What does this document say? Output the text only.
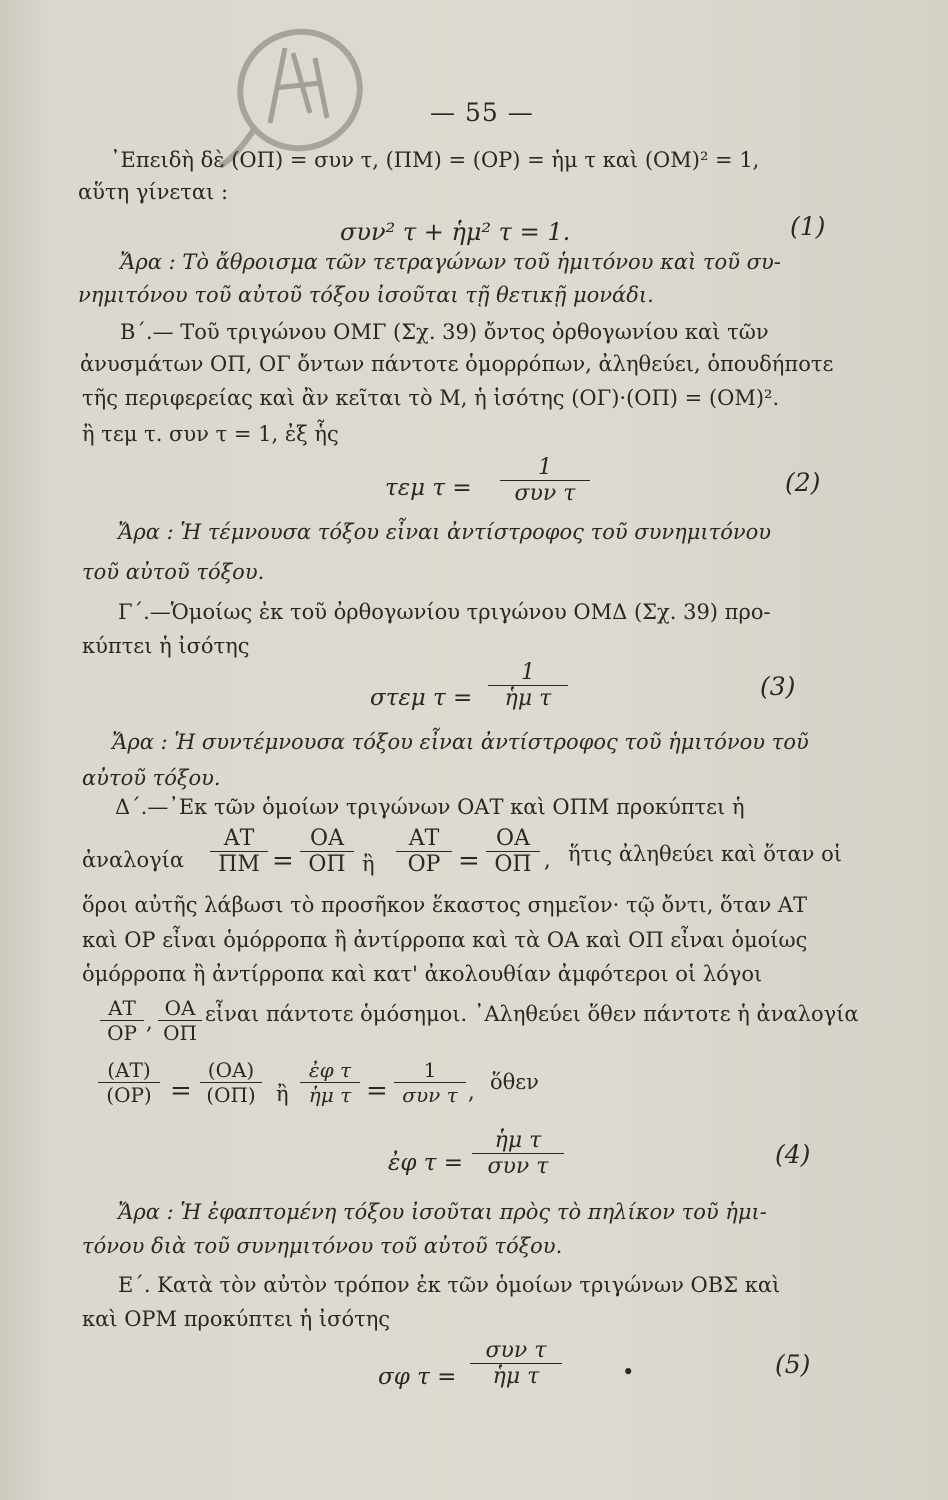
— 55 —
᾿Επειδὴ δὲ (ΟΠ) = συν τ, (ΠΜ) = (ΟΡ) = ἡμ τ καὶ (ΟΜ)² = 1,
αὕτη γίνεται :
συν² τ + ἡμ² τ = 1.	(1)
Ἄρα : Τὸ ἄθροισμα τῶν τετραγώνων τοῦ ἡμιτόνου καὶ τοῦ συ-
νημιτόνου τοῦ αὐτοῦ τόξου ἰσοῦται τῇ θετικῇ μονάδι.
Β΄.— Τοῦ τριγώνου ΟΜΓ (Σχ. 39) ὄντος ὀρθογωνίου καὶ τῶν
ἀνυσμάτων ΟΠ, ΟΓ ὄντων πάντοτε ὁμορρόπων, ἀληθεύει, ὁπουδήποτε
τῆς περιφερείας καὶ ἂν κεῖται τὸ Μ, ἡ ἰσότης (ΟΓ)·(ΟΠ) = (ΟΜ)².
ἢ τεμ τ. συν τ = 1, ἐξ ἧς
τεμ τ =
1
συν τ	(2)
Ἄρα : Ἡ τέμνουσα τόξου εἶναι ἀντίστροφος τοῦ συνημιτόνου
τοῦ αὐτοῦ τόξου.
Γ΄.—Ὁμοίως ἐκ τοῦ ὀρθογωνίου τριγώνου ΟΜΔ (Σχ. 39) προ-
κύπτει ἡ ἰσότης
στεμ τ =
1
ἡμ τ	(3)
Ἄρα : Ἡ συντέμνουσα τόξου εἶναι ἀντίστροφος τοῦ ἡμιτόνου τοῦ
αὐτοῦ τόξου.
Δ΄.—᾿Εκ τῶν ὁμοίων τριγώνων ΟΑΤ καὶ ΟΠΜ προκύπτει ἡ
ἀναλογία
ΑΤ
ΠΜ =
ΟΑ
ΟΠ ἢ
ΑΤ
ΟΡ =
ΟΑ
ΟΠ , ἥτις ἀληθεύει καὶ ὅταν οἱ
ὅροι αὐτῆς λάβωσι τὸ προσῆκον ἕκαστος σημεῖον· τῷ ὄντι, ὅταν ΑΤ
καὶ ΟΡ εἶναι ὁμόρροπα ἢ ἀντίρροπα καὶ τὰ ΟΑ καὶ ΟΠ εἶναι ὁμοίως
ὁμόρροπα ἢ ἀντίρροπα καὶ κατ' ἀκολουθίαν ἀμφότεροι οἱ λόγοι
ΑΤ
ΟΡ ,
ΟΑ
ΟΠ
εἶναι πάντοτε ὁμόσημοι. ᾿Αληθεύει ὅθεν πάντοτε ἡ ἀναλογία
(ΑΤ)
(ΟΡ) =
(ΟΑ)
(ΟΠ) ἢ
ἐφ τ
ἡμ τ =
1
συν τ , ὅθεν
ἐφ τ =
ἡμ τ
συν τ	(4)
Ἄρα : Ἡ ἐφαπτομένη τόξου ἰσοῦται πρὸς τὸ πηλίκον τοῦ ἡμι-
τόνου διὰ τοῦ συνημιτόνου τοῦ αὐτοῦ τόξου.
Ε΄. Κατὰ τὸν αὐτὸν τρόπον ἐκ τῶν ὁμοίων τριγώνων ΟΒΣ καὶ
καὶ ΟΡΜ προκύπτει ἡ ἰσότης
σφ τ =
συν τ
ἡμ τ	•	(5)
